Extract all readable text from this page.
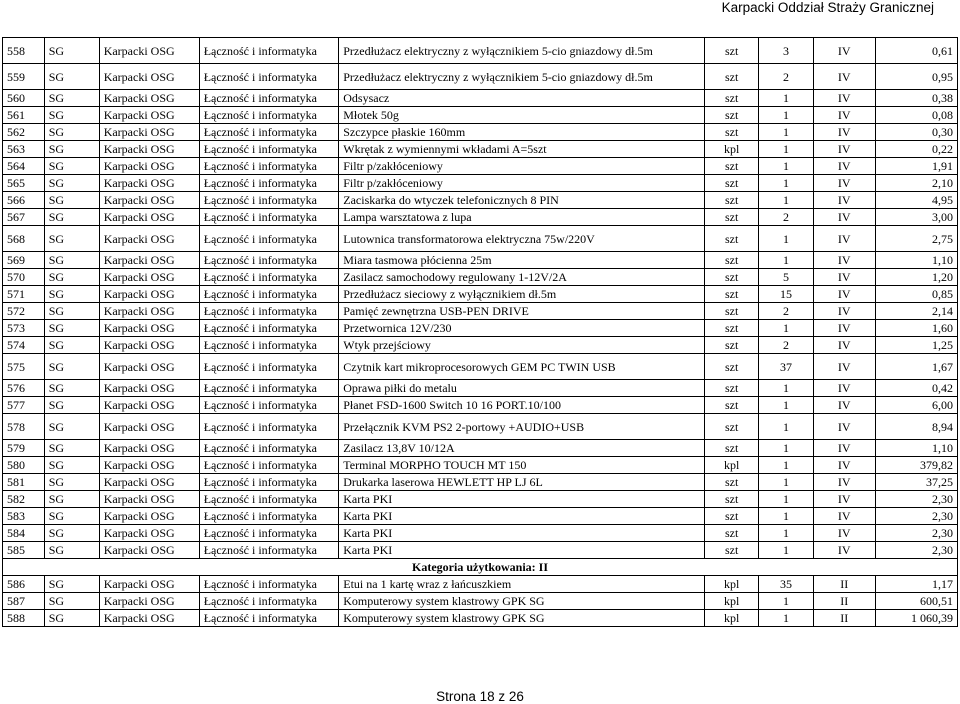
Karpacki Oddział Straży Granicznej
558	SG	Karpacki OSG	Łączność i informatyka	Przedłużacz elektryczny z wyłącznikiem 5-cio gniazdowy dł.5m	szt	3	IV	0,61
559	SG	Karpacki OSG	Łączność i informatyka	Przedłużacz elektryczny z wyłącznikiem 5-cio gniazdowy dł.5m	szt	2	IV	0,95
560	SG	Karpacki OSG	Łączność i informatyka	Odsysacz	szt	1	IV	0,38
561	SG	Karpacki OSG	Łączność i informatyka	Młotek 50g	szt	1	IV	0,08
562	SG	Karpacki OSG	Łączność i informatyka	Szczypce płaskie 160mm	szt	1	IV	0,30
563	SG	Karpacki OSG	Łączność i informatyka	Wkrętak z wymiennymi wkładami A=5szt	kpl	1	IV	0,22
564	SG	Karpacki OSG	Łączność i informatyka	Filtr p/zakłóceniowy	szt	1	IV	1,91
565	SG	Karpacki OSG	Łączność i informatyka	Filtr p/zakłóceniowy	szt	1	IV	2,10
566	SG	Karpacki OSG	Łączność i informatyka	Zaciskarka do wtyczek telefonicznych 8 PIN	szt	1	IV	4,95
567	SG	Karpacki OSG	Łączność i informatyka	Lampa warsztatowa z lupa	szt	2	IV	3,00
568	SG	Karpacki OSG	Łączność i informatyka	Lutownica transformatorowa elektryczna 75w/220V	szt	1	IV	2,75
569	SG	Karpacki OSG	Łączność i informatyka	Miara tasmowa płócienna 25m	szt	1	IV	1,10
570	SG	Karpacki OSG	Łączność i informatyka	Zasilacz samochodowy regulowany 1-12V/2A	szt	5	IV	1,20
571	SG	Karpacki OSG	Łączność i informatyka	Przedłużacz sieciowy z wyłącznikiem dł.5m	szt	15	IV	0,85
572	SG	Karpacki OSG	Łączność i informatyka	Pamięć zewnętrzna USB-PEN DRIVE	szt	2	IV	2,14
573	SG	Karpacki OSG	Łączność i informatyka	Przetwornica 12V/230	szt	1	IV	1,60
574	SG	Karpacki OSG	Łączność i informatyka	Wtyk przejściowy	szt	2	IV	1,25
575	SG	Karpacki OSG	Łączność i informatyka	Czytnik kart mikroprocesorowych GEM PC TWIN USB	szt	37	IV	1,67
576	SG	Karpacki OSG	Łączność i informatyka	Oprawa piłki do metalu	szt	1	IV	0,42
577	SG	Karpacki OSG	Łączność i informatyka	Płanet FSD-1600 Switch 10 16 PORT.10/100	szt	1	IV	6,00
578	SG	Karpacki OSG	Łączność i informatyka	Przełącznik KVM PS2 2-portowy +AUDIO+USB	szt	1	IV	8,94
579	SG	Karpacki OSG	Łączność i informatyka	Zasilacz 13,8V 10/12A	szt	1	IV	1,10
580	SG	Karpacki OSG	Łączność i informatyka	Terminal MORPHO TOUCH MT 150	kpl	1	IV	379,82
581	SG	Karpacki OSG	Łączność i informatyka	Drukarka laserowa HEWLETT HP LJ 6L	szt	1	IV	37,25
582	SG	Karpacki OSG	Łączność i informatyka	Karta PKI	szt	1	IV	2,30
583	SG	Karpacki OSG	Łączność i informatyka	Karta PKI	szt	1	IV	2,30
584	SG	Karpacki OSG	Łączność i informatyka	Karta PKI	szt	1	IV	2,30
585	SG	Karpacki OSG	Łączność i informatyka	Karta PKI	szt	1	IV	2,30
Kategoria użytkowania: II								
586	SG	Karpacki OSG	Łączność i informatyka	Etui na 1 kartę wraz z łańcuszkiem	kpl	35	II	1,17
587	SG	Karpacki OSG	Łączność i informatyka	Komputerowy system klastrowy GPK SG	kpl	1	II	600,51
588	SG	Karpacki OSG	Łączność i informatyka	Komputerowy system klastrowy GPK SG	kpl	1	II	1 060,39
Strona 18 z 26
